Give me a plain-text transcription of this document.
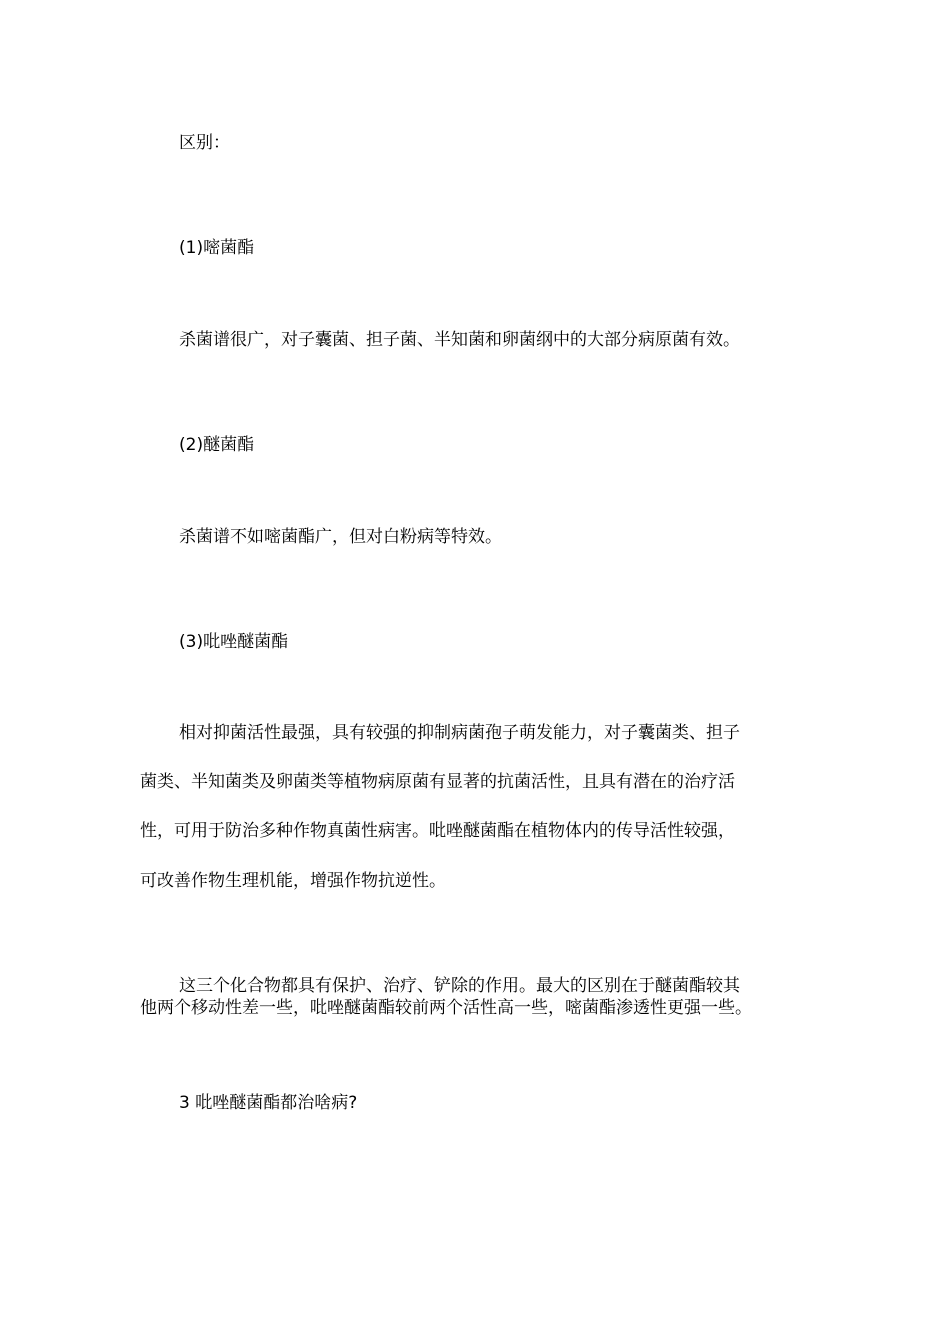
区别：
(1)嘧菌酯
杀菌谱很广，对子囊菌、担子菌、半知菌和卵菌纲中的大部分病原菌有效。
(2)醚菌酯
杀菌谱不如嘧菌酯广，但对白粉病等特效。
(3)吡唑醚菌酯
相对抑菌活性最强，具有较强的抑制病菌孢子萌发能力，对子囊菌类、担子
菌类、半知菌类及卵菌类等植物病原菌有显著的抗菌活性，且具有潜在的治疗活
性，可用于防治多种作物真菌性病害。吡唑醚菌酯在植物体内的传导活性较强，
可改善作物生理机能，增强作物抗逆性。
这三个化合物都具有保护、治疗、铲除的作用。最大的区别在于醚菌酯较其
他两个移动性差一些，吡唑醚菌酯较前两个活性高一些，嘧菌酯渗透性更强一些。
3 吡唑醚菌酯都治啥病?
